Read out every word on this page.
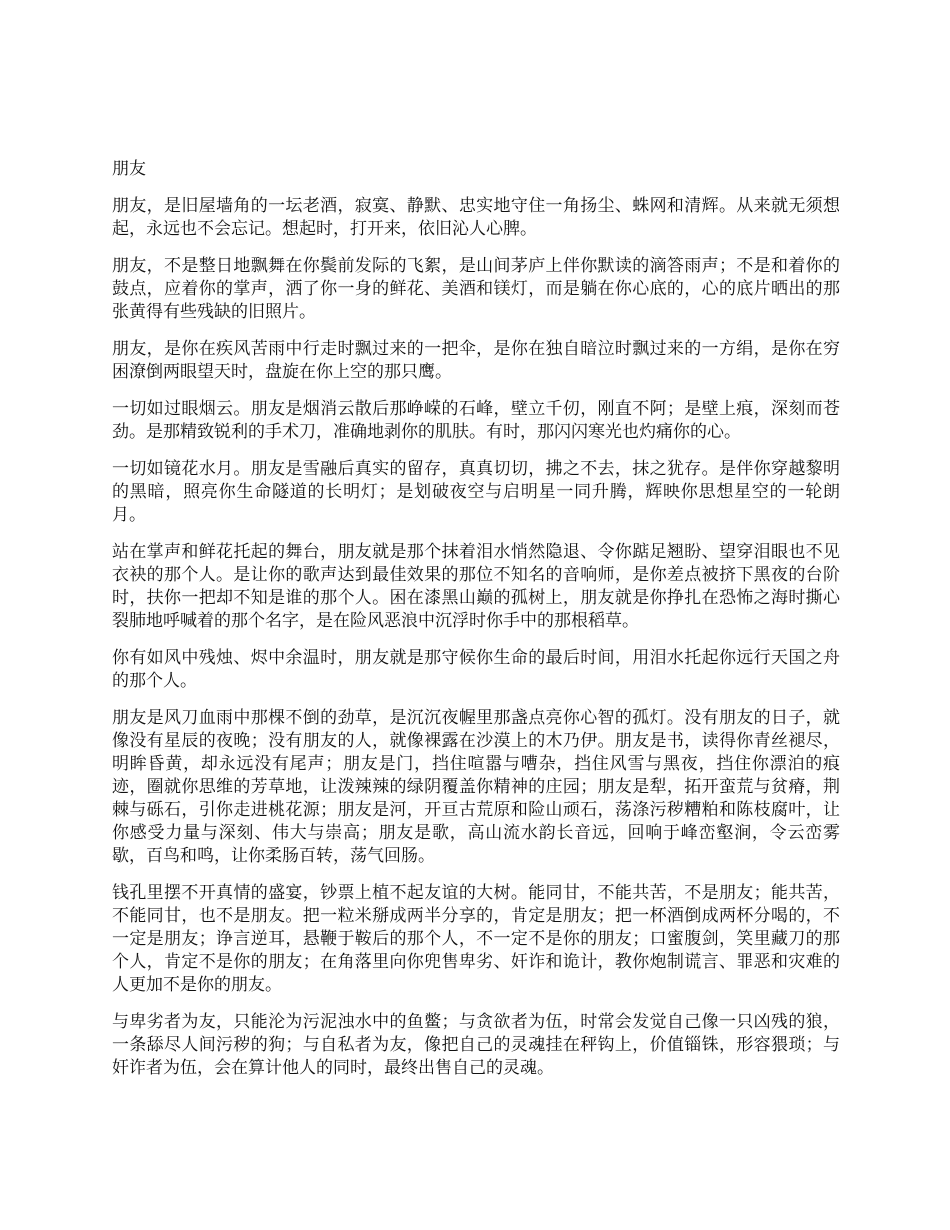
朋友

朋友，是旧屋墙角的一坛老酒，寂寞、静默、忠实地守住一角扬尘、蛛网和清辉。从来就无须想起，永远也不会忘记。想起时，打开来，依旧沁人心脾。

朋友，不是整日地飘舞在你鬓前发际的飞絮，是山间茅庐上伴你默读的滴答雨声；不是和着你的鼓点，应着你的掌声，洒了你一身的鲜花、美酒和镁灯，而是躺在你心底的，心的底片晒出的那张黄得有些残缺的旧照片。

朋友，是你在疾风苦雨中行走时飘过来的一把伞，是你在独自暗泣时飘过来的一方绢，是你在穷困潦倒两眼望天时，盘旋在你上空的那只鹰。

一切如过眼烟云。朋友是烟消云散后那峥嵘的石峰，壁立千仞，刚直不阿；是壁上痕，深刻而苍劲。是那精致锐利的手术刀，准确地剥你的肌肤。有时，那闪闪寒光也灼痛你的心。

一切如镜花水月。朋友是雪融后真实的留存，真真切切，拂之不去，抹之犹存。是伴你穿越黎明的黑暗，照亮你生命隧道的长明灯；是划破夜空与启明星一同升腾，辉映你思想星空的一轮朗月。

站在掌声和鲜花托起的舞台，朋友就是那个抹着泪水悄然隐退、令你踮足翘盼、望穿泪眼也不见衣袂的那个人。是让你的歌声达到最佳效果的那位不知名的音响师，是你差点被挤下黑夜的台阶时，扶你一把却不知是谁的那个人。困在漆黑山巅的孤树上，朋友就是你挣扎在恐怖之海时撕心裂肺地呼喊着的那个名字，是在险风恶浪中沉浮时你手中的那根稻草。

你有如风中残烛、烬中余温时，朋友就是那守候你生命的最后时间，用泪水托起你远行天国之舟的那个人。

朋友是风刀血雨中那棵不倒的劲草，是沉沉夜幄里那盏点亮你心智的孤灯。没有朋友的日子，就像没有星辰的夜晚；没有朋友的人，就像裸露在沙漠上的木乃伊。朋友是书，读得你青丝褪尽，明眸昏黄，却永远没有尾声；朋友是门，挡住喧嚣与嘈杂，挡住风雪与黑夜，挡住你漂泊的痕迹，圈就你思维的芳草地，让泼辣辣的绿阴覆盖你精神的庄园；朋友是犁，拓开蛮荒与贫瘠，荆棘与砾石，引你走进桃花源；朋友是河，开亘古荒原和险山顽石，荡涤污秽糟粕和陈枝腐叶，让你感受力量与深刻、伟大与崇高；朋友是歌，高山流水韵长音远，回响于峰峦壑涧，令云峦雾歇，百鸟和鸣，让你柔肠百转，荡气回肠。

钱孔里摆不开真情的盛宴，钞票上植不起友谊的大树。能同甘，不能共苦，不是朋友；能共苦，不能同甘，也不是朋友。把一粒米掰成两半分享的，肯定是朋友；把一杯酒倒成两杯分喝的，不一定是朋友；诤言逆耳，悬鞭于鞍后的那个人，不一定不是你的朋友；口蜜腹剑，笑里藏刀的那个人，肯定不是你的朋友；在角落里向你兜售卑劣、奸诈和诡计，教你炮制谎言、罪恶和灾难的人更加不是你的朋友。

与卑劣者为友，只能沦为污泥浊水中的鱼鳖；与贪欲者为伍，时常会发觉自己像一只凶残的狼，一条舔尽人间污秽的狗；与自私者为友，像把自己的灵魂挂在秤钩上，价值锱铢，形容猥琐；与奸诈者为伍，会在算计他人的同时，最终出售自己的灵魂。
